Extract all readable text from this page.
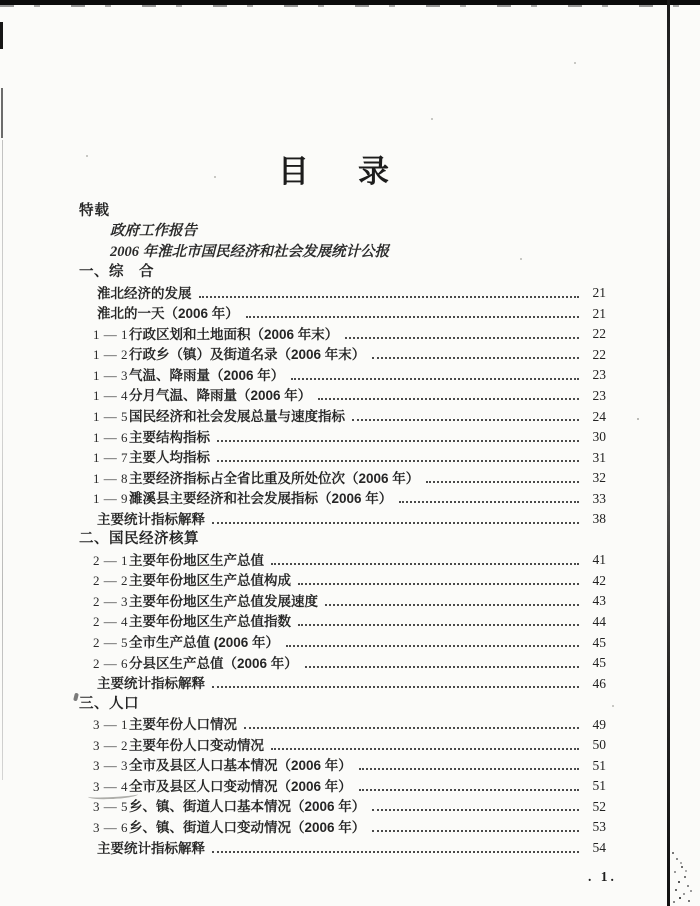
目　录
特载
政府工作报告
2006 年淮北市国民经济和社会发展统计公报
一、综　合
淮北经济的发展	21
淮北的一天（2006 年）	21
1 — 1 行政区划和土地面积（2006 年末）	22
1 — 2 行政乡（镇）及街道名录（2006 年末）	22
1 — 3 气温、降雨量（2006 年）	23
1 — 4 分月气温、降雨量（2006 年）	23
1 — 5 国民经济和社会发展总量与速度指标	24
1 — 6 主要结构指标	30
1 — 7 主要人均指标	31
1 — 8 主要经济指标占全省比重及所处位次（2006 年）	32
1 — 9 濉溪县主要经济和社会发展指标（2006 年）	33
主要统计指标解释	38
二、国民经济核算
2 — 1 主要年份地区生产总值	41
2 — 2 主要年份地区生产总值构成	42
2 — 3 主要年份地区生产总值发展速度	43
2 — 4 主要年份地区生产总值指数	44
2 — 5 全市生产总值 (2006 年）	45
2 — 6 分县区生产总值（2006 年）	45
主要统计指标解释	46
三、人口
3 — 1 主要年份人口情况	49
3 — 2 主要年份人口变动情况	50
3 — 3 全市及县区人口基本情况（2006 年）	51
3 — 4 全市及县区人口变动情况（2006 年）	51
3 — 5 乡、镇、街道人口基本情况（2006 年）	52
3 — 6 乡、镇、街道人口变动情况（2006 年）	53
主要统计指标解释	54
. 1.
